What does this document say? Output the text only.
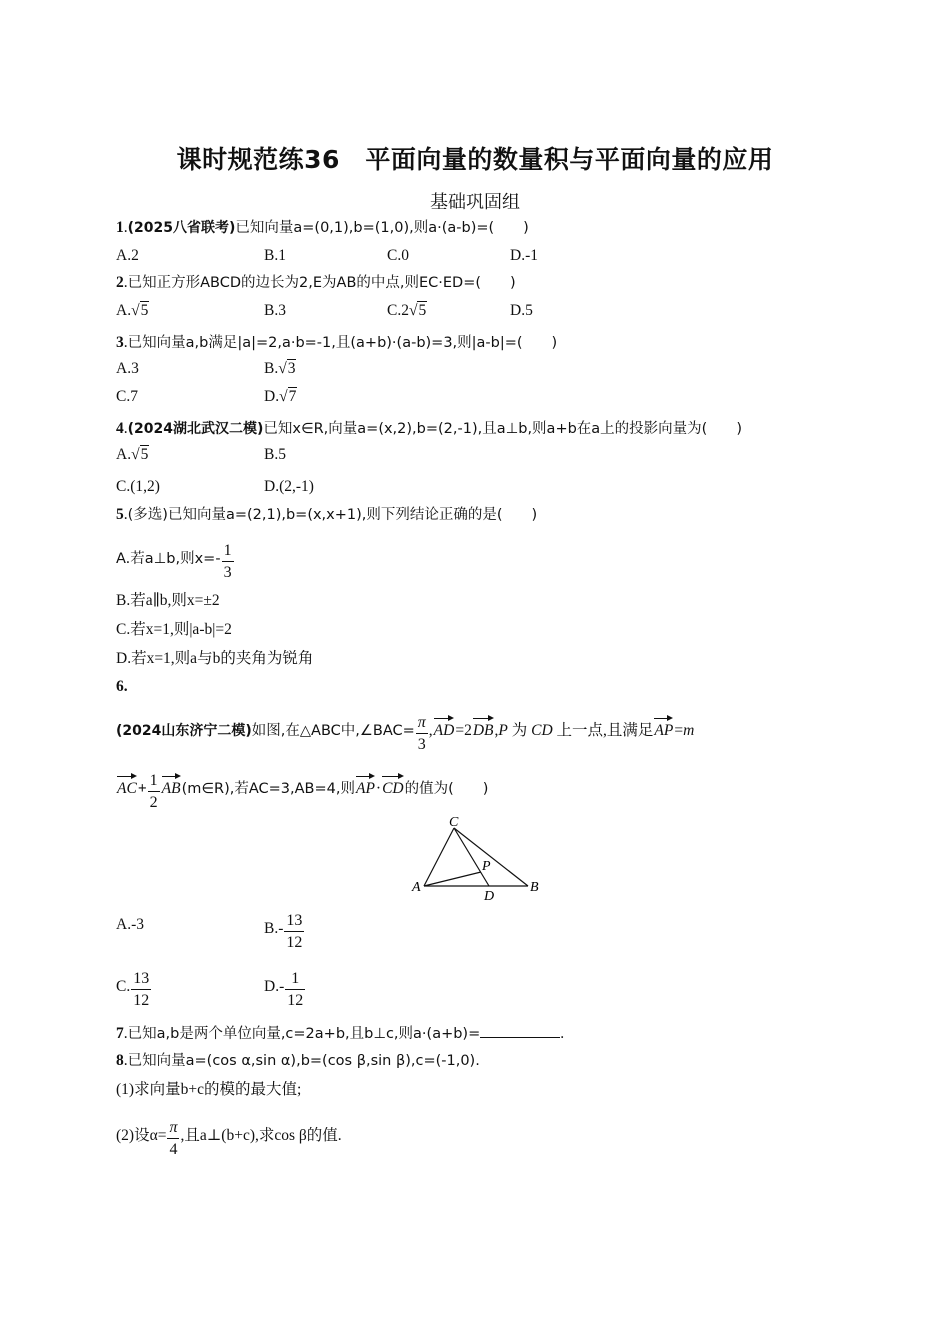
课时规范练36　平面向量的数量积与平面向量的应用
基础巩固组
1.(2025八省联考)已知向量a=(0,1),b=(1,0),则a·(a-b)=(　　)
A.2	B.1	C.0	D.-1
2.已知正方形ABCD的边长为2,E为AB的中点,则EC·ED=(　　)
A.√5	B.3	C.2√5	D.5
3.已知向量a,b满足|a|=2,a·b=-1,且(a+b)·(a-b)=3,则|a-b|=(　　)
A.3	B.√3
C.7	D.√7
4.(2024湖北武汉二模)已知x∈R,向量a=(x,2),b=(2,-1),且a⊥b,则a+b在a上的投影向量为(　　)
A.√5	B.5
C.(1,2)	D.(2,-1)
5.(多选)已知向量a=(2,1),b=(x,x+1),则下列结论正确的是(　　)
A.若a⊥b,则$x=- \frac{1}{3}$
B.若a∥b,则x=±2
C.若x=1,则|a-b|=2
D.若x=1,则a与b的夹角为锐角
6.
(2024山东济宁二模)如图,在△ABC中,∠BAC= $\frac{\pi}{3} ,AD=2DB,P$ 为 CD 上一点,且满足AP=m
$AC+ \frac{1}{2}$ AB(m∈R),若AC=3,AB=4,则AP·CD的值为(　　)
C
P
A
D
B
A.-3	$B.- \frac{13}{12}$
C. $\frac{13}{12}$	$D.- \frac{1}{12}$
7.已知a,b是两个单位向量,c=2a+b,且b⊥c,则a·(a+b)=	.
8.已知向量a=(cos α,sin α),b=(cos β,sin β),c=(-1,0).
(1)求向量b+c的模的最大值;
(2)设$\alpha= \frac{\pi}{4}$ ,且a⊥(b+c),求cos β的值.
